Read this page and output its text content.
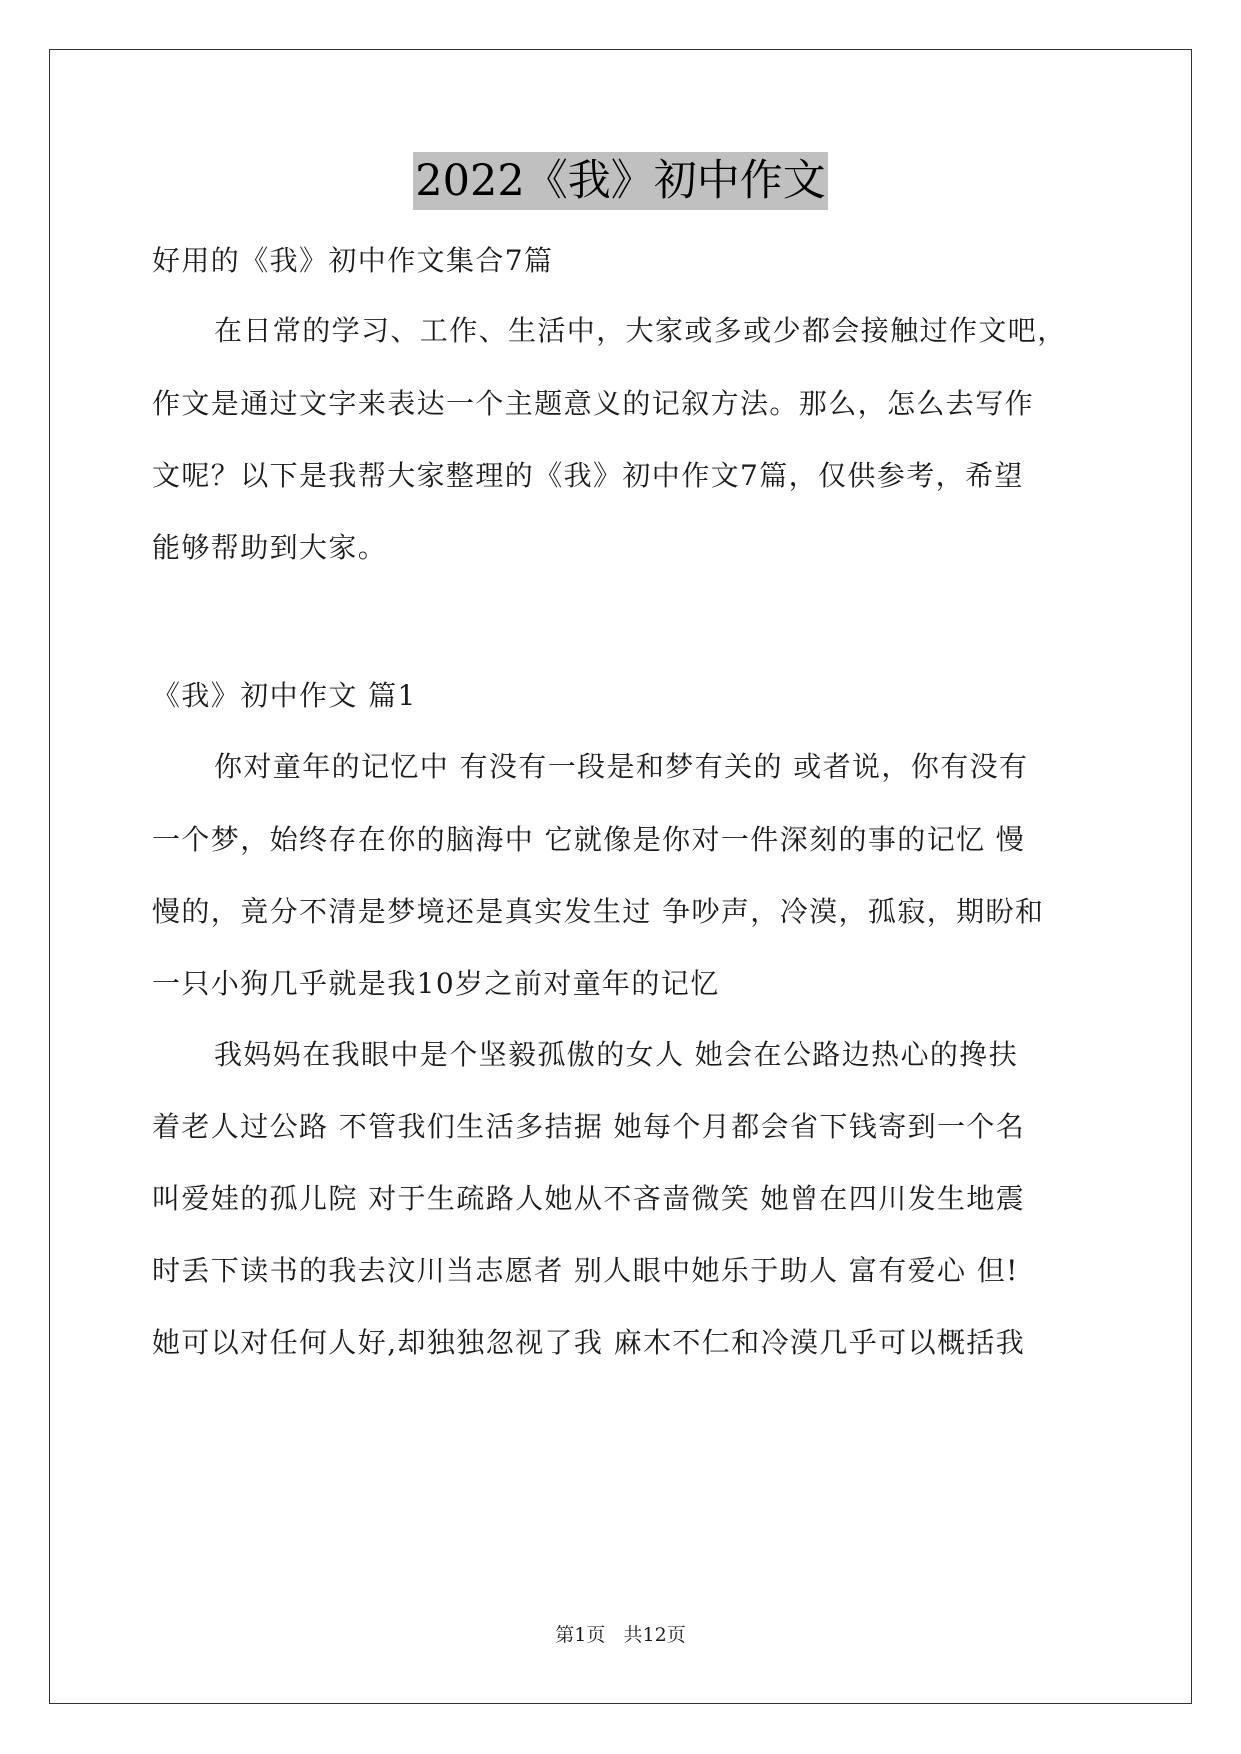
2022《我》初中作文
好用的《我》初中作文集合7篇
在日常的学习、工作、生活中，大家或多或少都会接触过作文吧，
作文是通过文字来表达一个主题意义的记叙方法。那么，怎么去写作
文呢？以下是我帮大家整理的《我》初中作文7篇，仅供参考，希望
能够帮助到大家。
《我》初中作文 篇1
你对童年的记忆中 有没有一段是和梦有关的 或者说，你有没有
一个梦，始终存在你的脑海中 它就像是你对一件深刻的事的记忆 慢
慢的，竟分不清是梦境还是真实发生过 争吵声，冷漠，孤寂，期盼和
一只小狗几乎就是我10岁之前对童年的记忆
我妈妈在我眼中是个坚毅孤傲的女人 她会在公路边热心的搀扶
着老人过公路 不管我们生活多拮据 她每个月都会省下钱寄到一个名
叫爱娃的孤儿院 对于生疏路人她从不吝啬微笑 她曾在四川发生地震
时丢下读书的我去汶川当志愿者 别人眼中她乐于助人 富有爱心 但!
她可以对任何人好,却独独忽视了我 麻木不仁和冷漠几乎可以概括我
第1页 共12页
